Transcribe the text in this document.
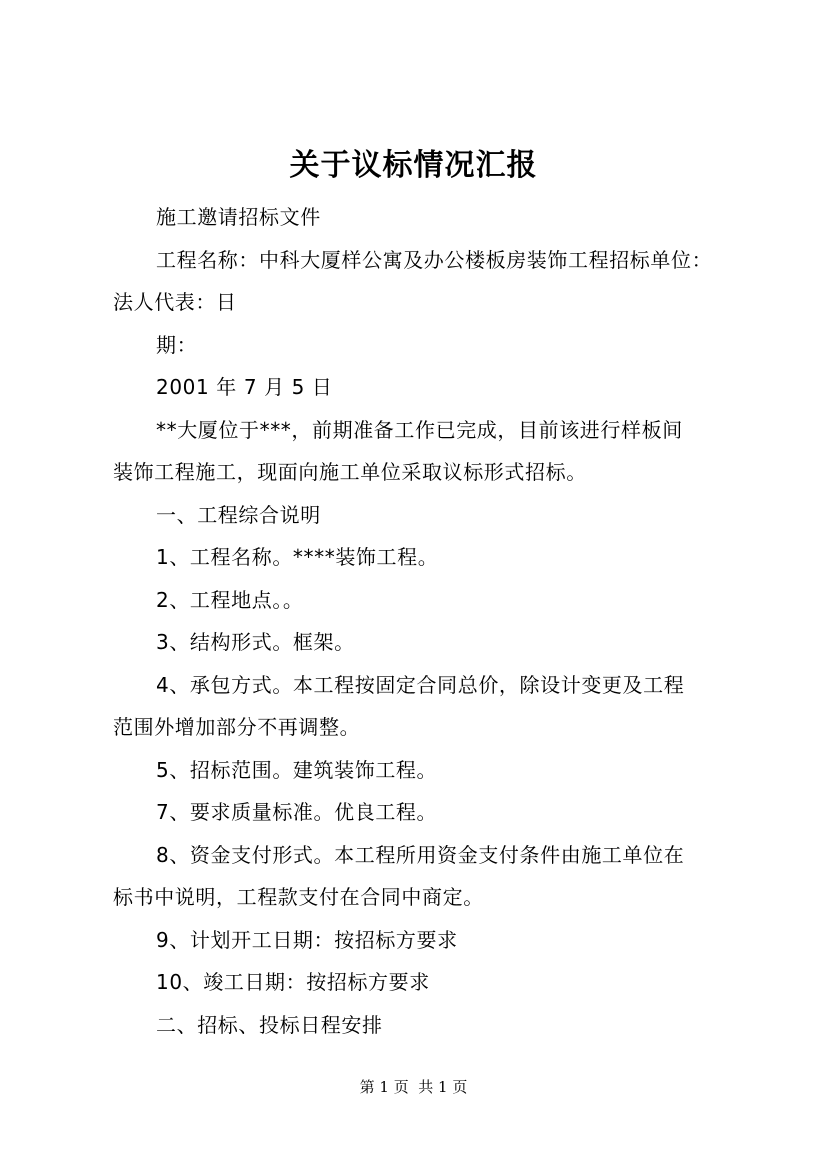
关于议标情况汇报
施工邀请招标文件
工程名称：中科大厦样公寓及办公楼板房装饰工程招标单位：
法人代表：日
期：
2001 年 7 月 5 日
**大厦位于***，前期准备工作已完成，目前该进行样板间
装饰工程施工，现面向施工单位采取议标形式招标。
一、工程综合说明
1、工程名称。****装饰工程。
2、工程地点。。
3、结构形式。框架。
4、承包方式。本工程按固定合同总价，除设计变更及工程
范围外增加部分不再调整。
5、招标范围。建筑装饰工程。
7、要求质量标准。优良工程。
8、资金支付形式。本工程所用资金支付条件由施工单位在
标书中说明，工程款支付在合同中商定。
9、计划开工日期：按招标方要求
10、竣工日期：按招标方要求
二、招标、投标日程安排
第 1 页  共 1 页
